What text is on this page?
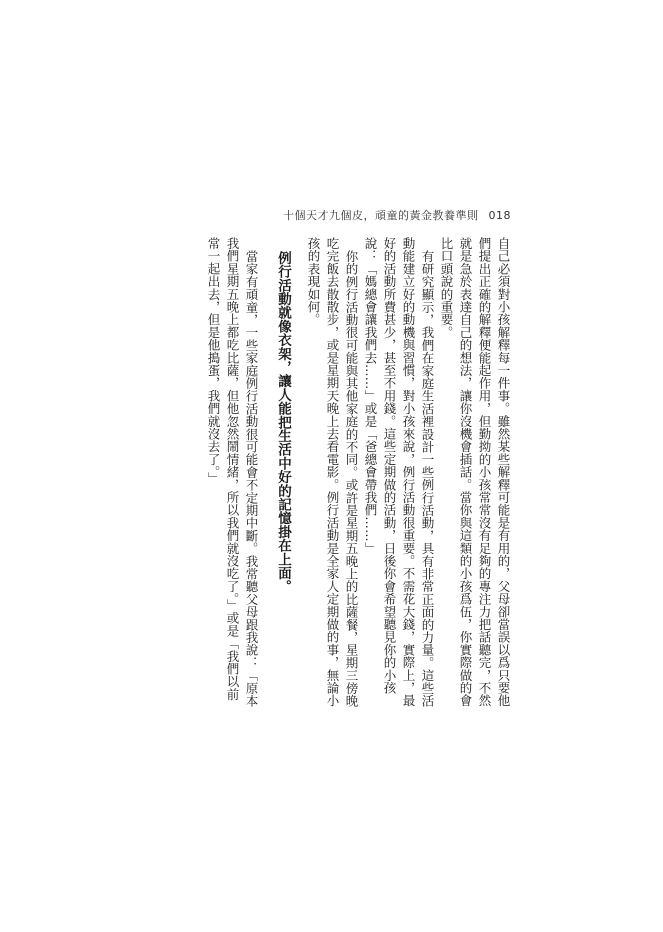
十個天才九個皮，頑童的黃金教養準則 018

自己必須對小孩解釋每一件事。雖然某些解釋可能是有用的，父母卻當誤以爲只要他們提出正確的解釋便能起作用，但勤拗的小孩常常沒有足夠的專注力把話聽完，不然就是急於表達自己的想法，讓你沒機會插話。當你與這類的小孩爲伍，你實際做的會比口頭說的重要。

有研究顯示，我們在家庭生活裡設計一些例行活動，具有非常正面的力量。這些活動能建立好的動機與習慣，對小孩來說，例行活動很重要。不需花大錢，實際上，最好的活動所費甚少，甚至不用錢。這些定期做的活動，日後你會希望聽見你的小孩說：「媽總會讓我們去……」或是「爸總會帶我們……」

你的例行活動很可能與其他家庭的不同。或許是星期五晚上的比薩餐，星期三傍晚吃完飯去散散步，或是星期天晚上去看電影。例行活動是全家人定期做的事，無論小孩的表現如何。

例行活動就像衣架，讓人能把生活中好的記憶掛在上面。

當家有頑童，一些家庭例行活動很可能會不定期中斷。我常聽父母跟我說：「原本我們星期五晚上都吃比薩，但他忽然鬧情緒，所以我們就沒吃了。」或是「我們以前常一起出去，但是他搗蛋，我們就沒去了。」
